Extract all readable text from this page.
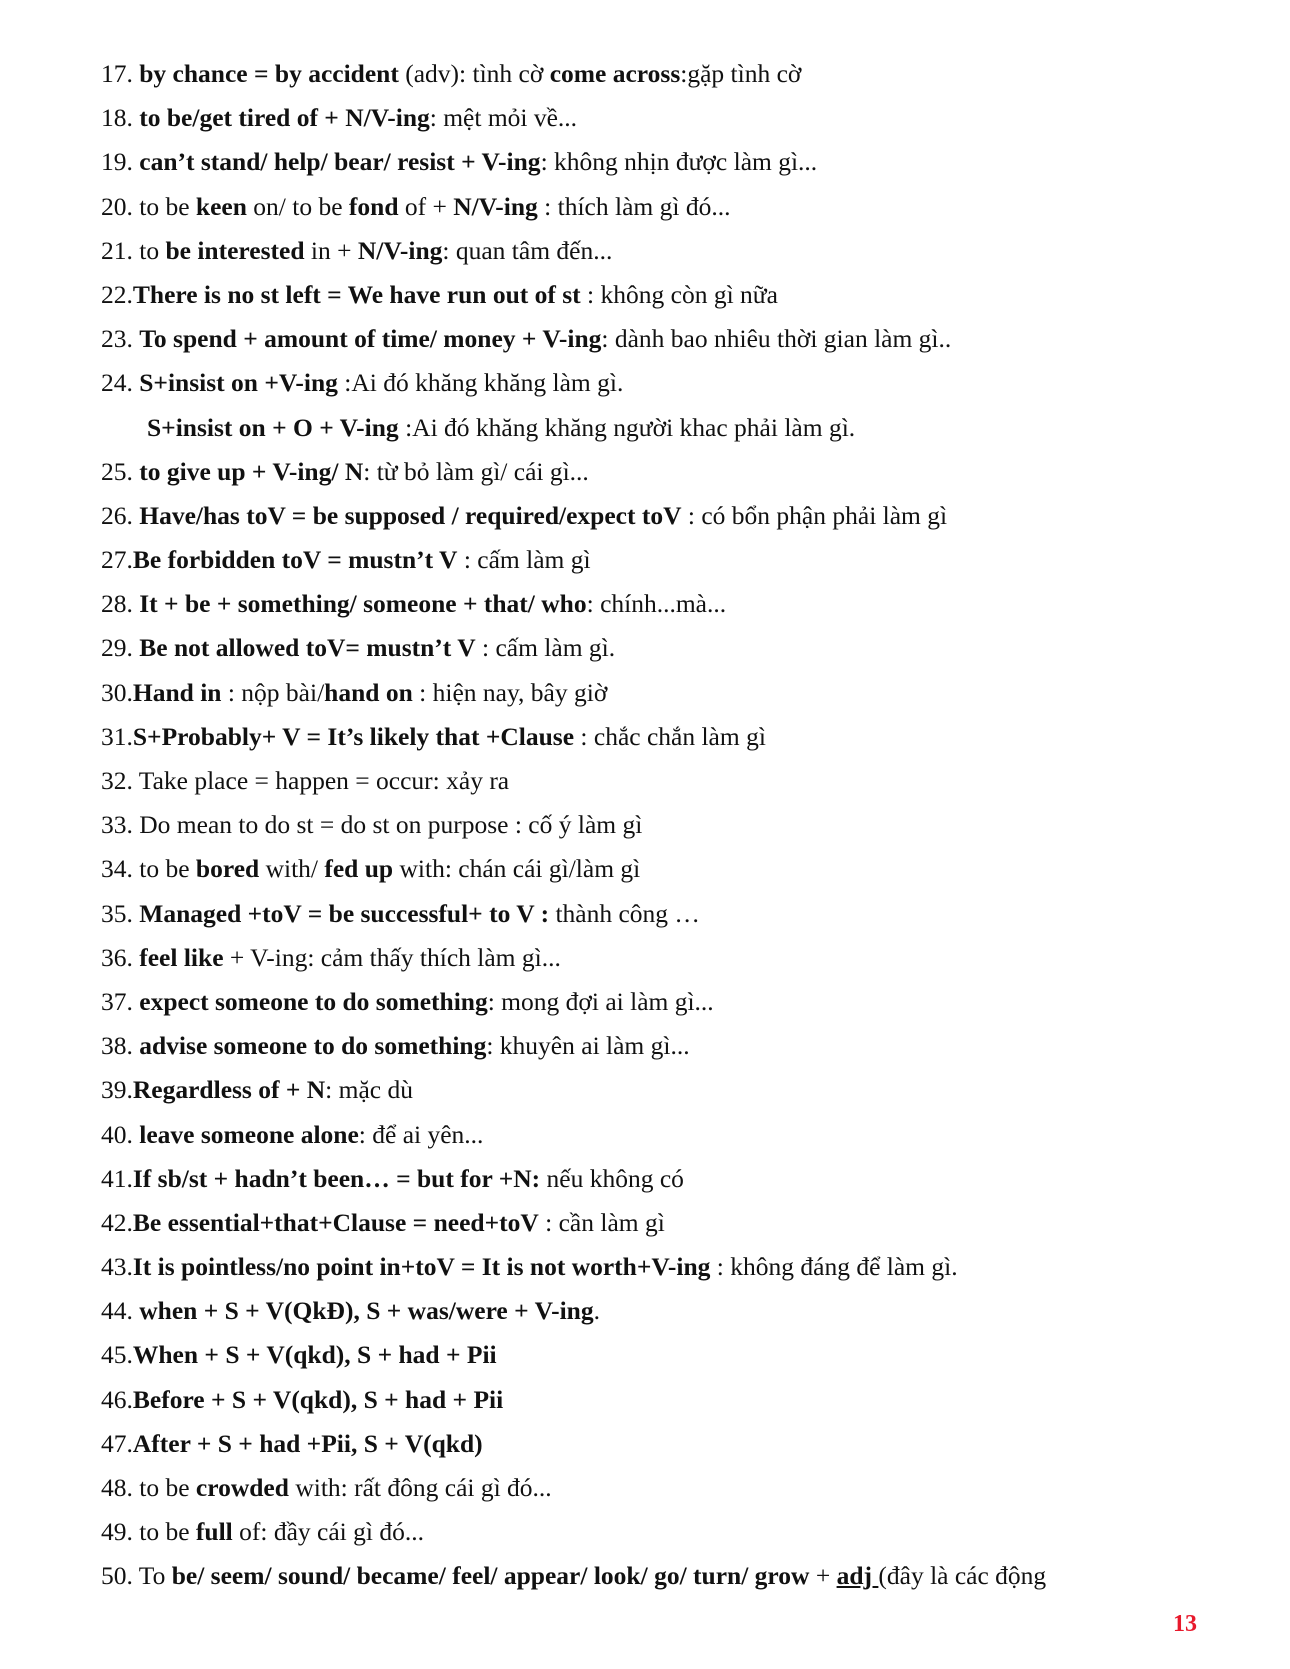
17. by chance = by accident (adv): tình cờ come across:gặp tình cờ
18. to be/get tired of + N/V-ing: mệt mỏi về...
19. can’t stand/ help/ bear/ resist + V-ing: không nhịn được làm gì...
20. to be keen on/ to be fond of + N/V-ing : thích làm gì đó...
21. to be interested in + N/V-ing: quan tâm đến...
22.There is no st left = We have run out of st : không còn gì nữa
23. To spend + amount of time/ money + V-ing: dành bao nhiêu thời gian làm gì..
24. S+insist on +V-ing :Ai đó khăng khăng làm gì.
S+insist on + O + V-ing :Ai đó khăng khăng người khac phải làm gì.
25. to give up + V-ing/ N: từ bỏ làm gì/ cái gì...
26. Have/has toV = be supposed / required/expect toV : có bổn phận phải làm gì
27.Be forbidden toV = mustn’t V : cấm làm gì
28. It + be + something/ someone + that/ who: chính...mà...
29. Be not allowed toV= mustn’t V : cấm làm gì.
30.Hand in : nộp bài/hand on : hiện nay, bây giờ
31.S+Probably+ V = It’s likely that +Clause : chắc chắn làm gì
32. Take place = happen = occur: xảy ra
33. Do mean to do st = do st on purpose : cố ý làm gì
34. to be bored with/ fed up with: chán cái gì/làm gì
35. Managed +toV = be successful+ to V : thành công …
36. feel like + V-ing: cảm thấy thích làm gì...
37. expect someone to do something: mong đợi ai làm gì...
38. advise someone to do something: khuyên ai làm gì...
39.Regardless of + N: mặc dù
40. leave someone alone: để ai yên...
41.If sb/st + hadn’t been… = but for +N: nếu không có
42.Be essential+that+Clause = need+toV : cần làm gì
43.It is pointless/no point in+toV = It is not worth+V-ing : không đáng để làm gì.
44. when + S + V(QkĐ), S + was/were + V-ing.
45.When + S + V(qkd), S + had + Pii
46.Before + S + V(qkd), S + had + Pii
47.After + S + had +Pii, S + V(qkd)
48. to be crowded with: rất đông cái gì đó...
49. to be full of: đầy cái gì đó...
50. To be/ seem/ sound/ became/ feel/ appear/ look/ go/ turn/ grow + adj (đây là các động
13
